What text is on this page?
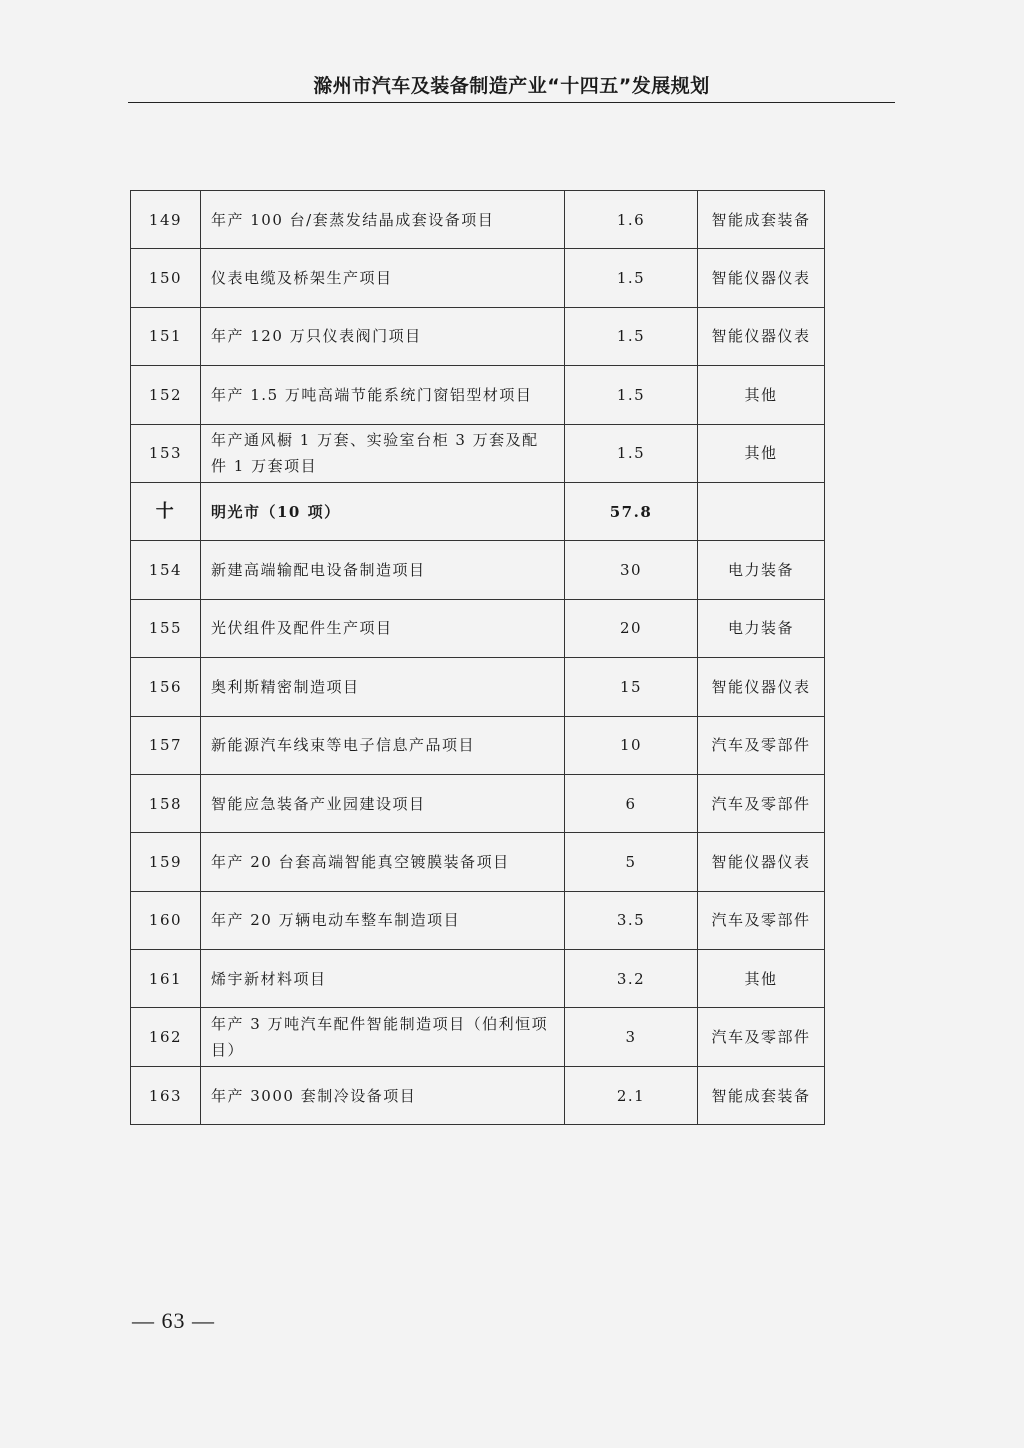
滁州市汽车及装备制造产业“十四五”发展规划
149	年产 100 台/套蒸发结晶成套设备项目	1.6	智能成套装备
150	仪表电缆及桥架生产项目	1.5	智能仪器仪表
151	年产 120 万只仪表阀门项目	1.5	智能仪器仪表
152	年产 1.5 万吨高端节能系统门窗铝型材项目	1.5	其他
153	年产通风橱 1 万套、实验室台柜 3 万套及配件 1 万套项目	1.5	其他
十	明光市（10 项）	57.8	
154	新建高端输配电设备制造项目	30	电力装备
155	光伏组件及配件生产项目	20	电力装备
156	奥利斯精密制造项目	15	智能仪器仪表
157	新能源汽车线束等电子信息产品项目	10	汽车及零部件
158	智能应急装备产业园建设项目	6	汽车及零部件
159	年产 20 台套高端智能真空镀膜装备项目	5	智能仪器仪表
160	年产 20 万辆电动车整车制造项目	3.5	汽车及零部件
161	烯宇新材料项目	3.2	其他
162	年产 3 万吨汽车配件智能制造项目（伯利恒项目）	3	汽车及零部件
163	年产 3000 套制冷设备项目	2.1	智能成套装备
— 63 —
